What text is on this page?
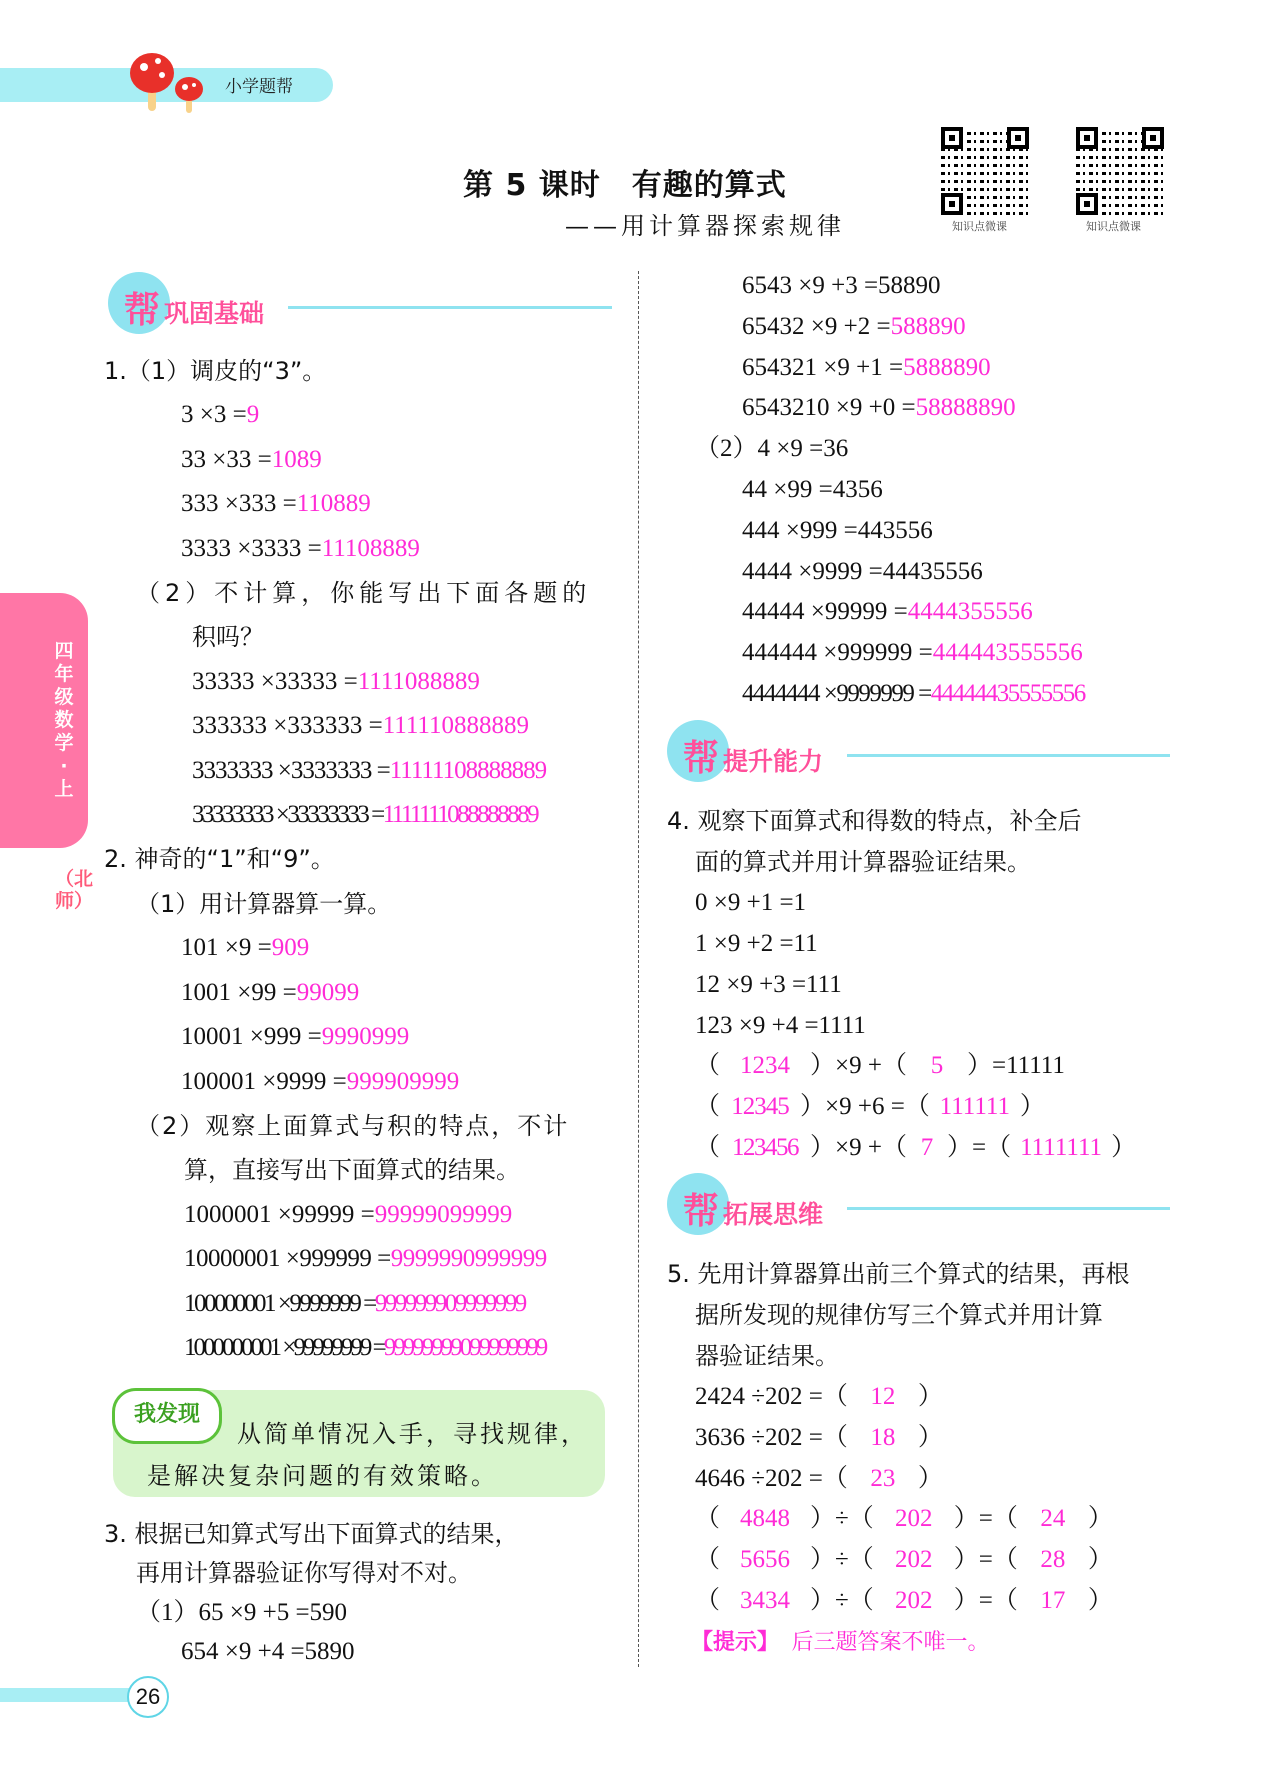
小学题帮
第 5 课时　有趣的算式
——用计算器探索规律	知识点微课	知识点微课
四年级数学·上
（北师）
帮 巩固基础
1.（1）调皮的“3”。
3 ×3 =9
33 ×33 =1089
333 ×333 =110889
3333 ×3333 =11108889
（2）不计算，你能写出下面各题的
积吗？
33333 ×33333 =1111088889
333333 ×333333 =111110888889
3333333 ×3333333 =11111108888889
33333333 ×33333333 =1111111088888889
2. 神奇的“1”和“9”。
（1）用计算器算一算。
101 ×9 =909
1001 ×99 =99099
10001 ×999 =9990999
100001 ×9999 =999909999
（2）观察上面算式与积的特点，不计
算，直接写出下面算式的结果。
1000001 ×99999 =99999099999
10000001 ×999999 =9999990999999
100000001 ×9999999 =999999909999999
1000000001 ×99999999 =99999999099999999
我发现
从简单情况入手，寻找规律，
是解决复杂问题的有效策略。
3. 根据已知算式写出下面算式的结果，
再用计算器验证你写得对不对。
（1）65 ×9 +5 =590
654 ×9 +4 =5890
6543 ×9 +3 =58890
65432 ×9 +2 =588890
654321 ×9 +1 =5888890
6543210 ×9 +0 =58888890
（2）4 ×9 =36
44 ×99 =4356
444 ×999 =443556
4444 ×9999 =44435556
44444 ×99999 =4444355556
444444 ×999999 =444443555556
4444444 ×9999999 =44444435555556
帮 提升能力
4. 观察下面算式和得数的特点，补全后
面的算式并用计算器验证结果。
0 ×9 +1 =1
1 ×9 +2 =11
12 ×9 +3 =111
123 ×9 +4 =1111
（ 1234 ）×9 +（ 5 ）=11111
（ 12345 ）×9 +6 =（ 111111 ）
（ 123456 ）×9 +（ 7 ）=（ 1111111 ）
帮 拓展思维
5. 先用计算器算出前三个算式的结果，再根
据所发现的规律仿写三个算式并用计算
器验证结果。
2424 ÷202 =（ 12 ）
3636 ÷202 =（ 18 ）
4646 ÷202 =（ 23 ）
（ 4848 ）÷（ 202 ）=（ 24 ）
（ 5656 ）÷（ 202 ）=（ 28 ）
（ 3434 ）÷（ 202 ）=（ 17 ）
【提示】 后三题答案不唯一。
26
